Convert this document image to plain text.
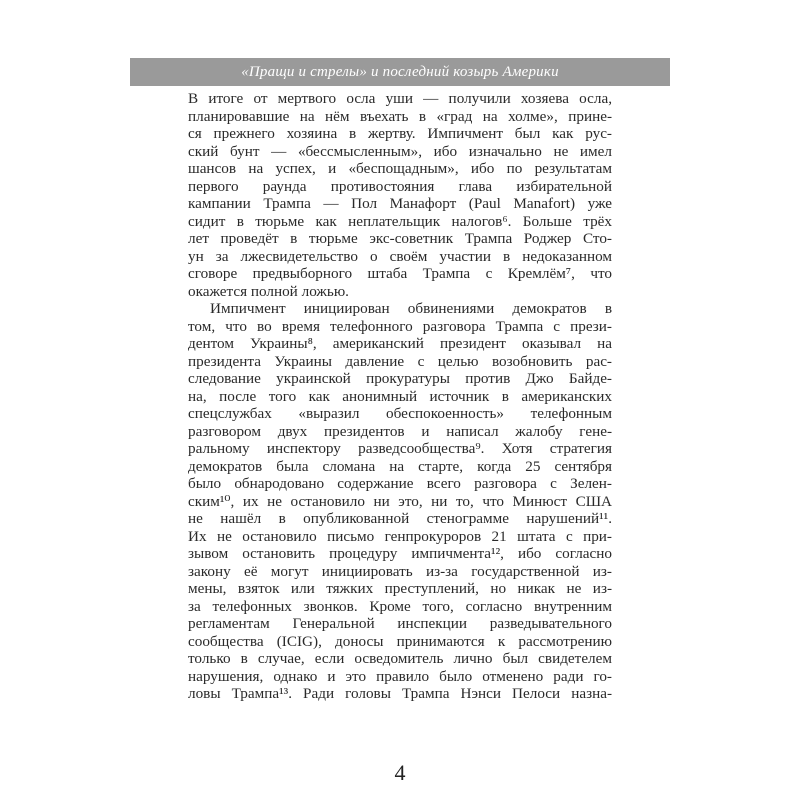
«Пращи и стрелы» и последний козырь Америки
В итоге от мертвого осла уши — получили хозяева осла,
планировавшие на нём въехать в «град на холме», прине-
ся прежнего хозяина в жертву. Импичмент был как рус-
ский бунт — «бессмысленным», ибо изначально не имел
шансов на успех, и «беспощадным», ибо по результатам
первого раунда противостояния глава избирательной
кампании Трампа — Пол Манафорт (Paul Manafort) уже
сидит в тюрьме как неплательщик налогов⁶. Больше трёх
лет проведёт в тюрьме экс-советник Трампа Роджер Сто-
ун за лжесвидетельство о своём участии в недоказанном
сговоре предвыборного штаба Трампа с Кремлём⁷, что
окажется полной ложью.
Импичмент инициирован обвинениями демократов в
том, что во время телефонного разговора Трампа с прези-
дентом Украины⁸, американский президент оказывал на
президента Украины давление с целью возобновить рас-
следование украинской прокуратуры против Джо Байде-
на, после того как анонимный источник в американских
спецслужбах «выразил обеспокоенность» телефонным
разговором двух президентов и написал жалобу гене-
ральному инспектору разведсообщества⁹. Хотя стратегия
демократов была сломана на старте, когда 25 сентября
было обнародовано содержание всего разговора с Зелен-
ским¹⁰, их не остановило ни это, ни то, что Минюст США
не нашёл в опубликованной стенограмме нарушений¹¹.
Их не остановило письмо генпрокуроров 21 штата с при-
зывом остановить процедуру импичмента¹², ибо согласно
закону её могут инициировать из-за государственной из-
мены, взяток или тяжких преступлений, но никак не из-
за телефонных звонков. Кроме того, согласно внутренним
регламентам Генеральной инспекции разведывательного
сообщества (ICIG), доносы принимаются к рассмотрению
только в случае, если осведомитель лично был свидетелем
нарушения, однако и это правило было отменено ради го-
ловы Трампа¹³. Ради головы Трампа Нэнси Пелоси назна-
4
